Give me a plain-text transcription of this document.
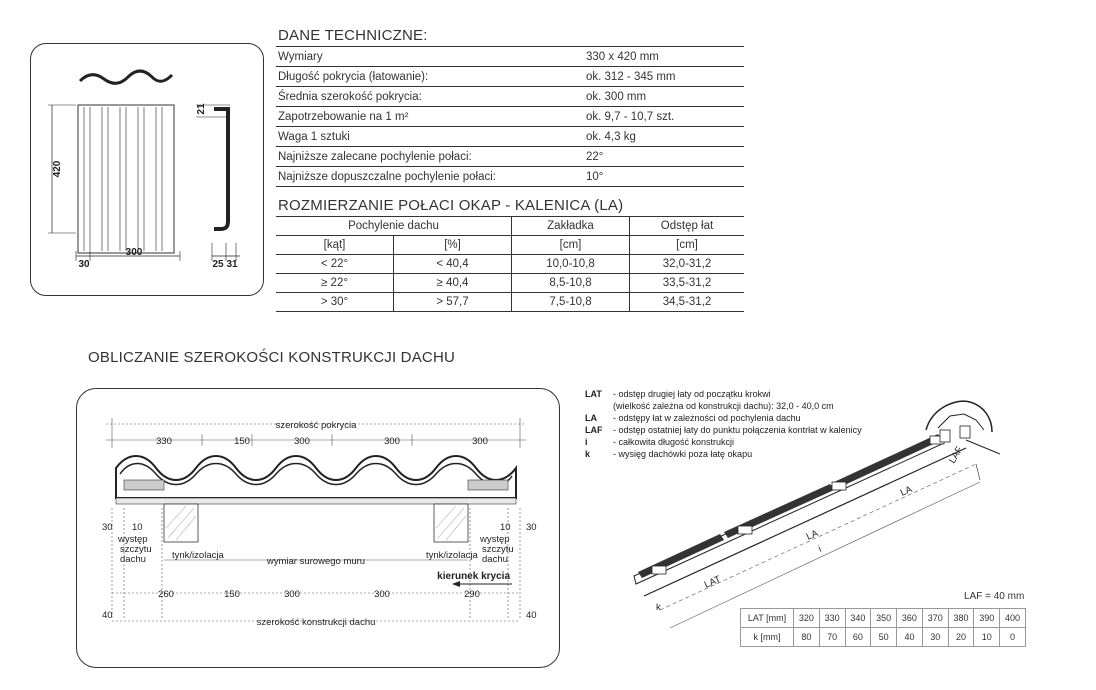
420
300
30
21
25 31
DANE TECHNICZNE:
Wymiary	330 x 420 mm
Długość pokrycia (łatowanie):	ok. 312 - 345 mm
Średnia szerokość pokrycia:	ok. 300 mm
Zapotrzebowanie na 1 m²	ok. 9,7 - 10,7 szt.
Waga 1 sztuki	ok. 4,3 kg
Najniższe zalecane pochylenie połaci:	22°
Najniższe dopuszczalne pochylenie połaci:	10°
ROZMIERZANIE POŁACI OKAP - KALENICA (LA)
Pochylenie dachu		Zakładka	Odstęp łat
[kąt]	[%]	[cm]	[cm]
< 22°	< 40,4	10,0-10,8	32,0-31,2
≥ 22°	≥ 40,4	8,5-10,8	33,5-31,2
> 30°	> 57,7	7,5-10,8	34,5-31,2
OBLICZANIE SZEROKOŚCI KONSTRUKCJI DACHU
szerokość pokrycia
330	150	300	300	300
30 10	10 30
występ
szczytu
dachu
występ
szczytu
dachu
tynk/izolacja	tynk/izolacja
wymiar surowego muru
260	150	300	300	290
40	40
szerokość konstrukcji dachu
kierunek krycia
LAT - odstęp drugiej łaty od początku krokwi
(wielkość zależna od konstrukcji dachu): 32,0 - 40,0 cm
LA - odstępy łat w zależności od pochylenia dachu
LAF - odstęp ostatniej łaty do punktu połączenia kontrłat w kalenicy
i	- całkowita długość konstrukcji
k	- wysięg dachówki poza łatę okapu
LAT
LA
LA
LAF
i
k
LAF = 40 mm
LAT [mm]	320	330	340	350	360	370	380	390	400
k [mm]	80	70	60	50	40	30	20	10	0
